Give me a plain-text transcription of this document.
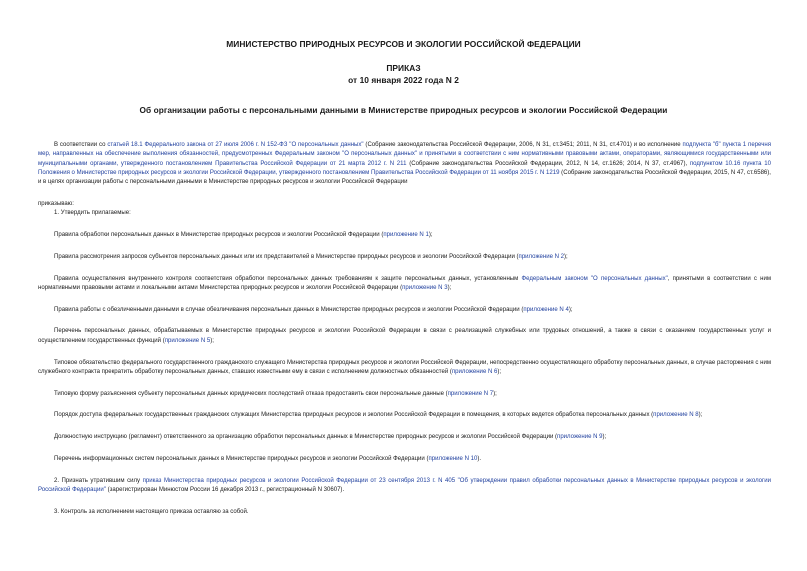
МИНИСТЕРСТВО ПРИРОДНЫХ РЕСУРСОВ И ЭКОЛОГИИ РОССИЙСКОЙ ФЕДЕРАЦИИ
ПРИКАЗ
от 10 января 2022 года N 2
Об организации работы с персональными данными в Министерстве природных ресурсов и экологии Российской Федерации

В соответствии со статьей 18.1 Федерального закона от 27 июля 2006 г. N 152-ФЗ "О персональных данных" (Собрание законодательства Российской Федерации, 2006, N 31, ст.3451; 2011, N 31, ст.4701) и во исполнение подпункта "б" пункта 1 перечня мер, направленных на обеспечение выполнения обязанностей, предусмотренных Федеральным законом "О персональных данных" и принятыми в соответствии с ним нормативными правовыми актами, операторами, являющимися государственными или муниципальными органами, утвержденного постановлением Правительства Российской Федерации от 21 марта 2012 г. N 211 (Собрание законодательства Российской Федерации, 2012, N 14, ст.1626; 2014, N 37, ст.4967), подпунктом 10.16 пункта 10 Положения о Министерстве природных ресурсов и экологии Российской Федерации, утвержденного постановлением Правительства Российской Федерации от 11 ноября 2015 г. N 1219 (Собрание законодательства Российской Федерации, 2015, N 47, ст.6586), и в целях организации работы с персональными данными в Министерстве природных ресурсов и экологии Российской Федерации

приказываю:

1. Утвердить прилагаемые:

Правила обработки персональных данных в Министерстве природных ресурсов и экологии Российской Федерации (приложение N 1);

Правила рассмотрения запросов субъектов персональных данных или их представителей в Министерстве природных ресурсов и экологии Российской Федерации (приложение N 2);

Правила осуществления внутреннего контроля соответствия обработки персональных данных требованиям к защите персональных данных, установленным Федеральным законом "О персональных данных", принятыми в соответствии с ним нормативными правовыми актами и локальными актами Министерства природных ресурсов и экологии Российской Федерации (приложение N 3);

Правила работы с обезличенными данными в случае обезличивания персональных данных в Министерстве природных ресурсов и экологии Российской Федерации (приложение N 4);

Перечень персональных данных, обрабатываемых в Министерстве природных ресурсов и экологии Российской Федерации в связи с реализацией служебных или трудовых отношений, а также в связи с оказанием государственных услуг и осуществлением государственных функций (приложение N 5);

Типовое обязательство федерального государственного гражданского служащего Министерства природных ресурсов и экологии Российской Федерации, непосредственно осуществляющего обработку персональных данных, в случае расторжения с ним служебного контракта прекратить обработку персональных данных, ставших известными ему в связи с исполнением должностных обязанностей (приложение N 6);

Типовую форму разъяснения субъекту персональных данных юридических последствий отказа предоставить свои персональные данные (приложение N 7);

Порядок доступа федеральных государственных гражданских служащих Министерства природных ресурсов и экологии Российской Федерации в помещения, в которых ведется обработка персональных данных (приложение N 8);

Должностную инструкцию (регламент) ответственного за организацию обработки персональных данных в Министерстве природных ресурсов и экологии Российской Федерации (приложение N 9);

Перечень информационных систем персональных данных в Министерстве природных ресурсов и экологии Российской Федерации (приложение N 10).

2. Признать утратившим силу приказ Министерства природных ресурсов и экологии Российской Федерации от 23 сентября 2013 г. N 405 "Об утверждении правил обработки персональных данных в Министерстве природных ресурсов и экологии Российской Федерации" (зарегистрирован Минюстом России 16 декабря 2013 г., регистрационный N 30607).

3. Контроль за исполнением настоящего приказа оставляю за собой.
